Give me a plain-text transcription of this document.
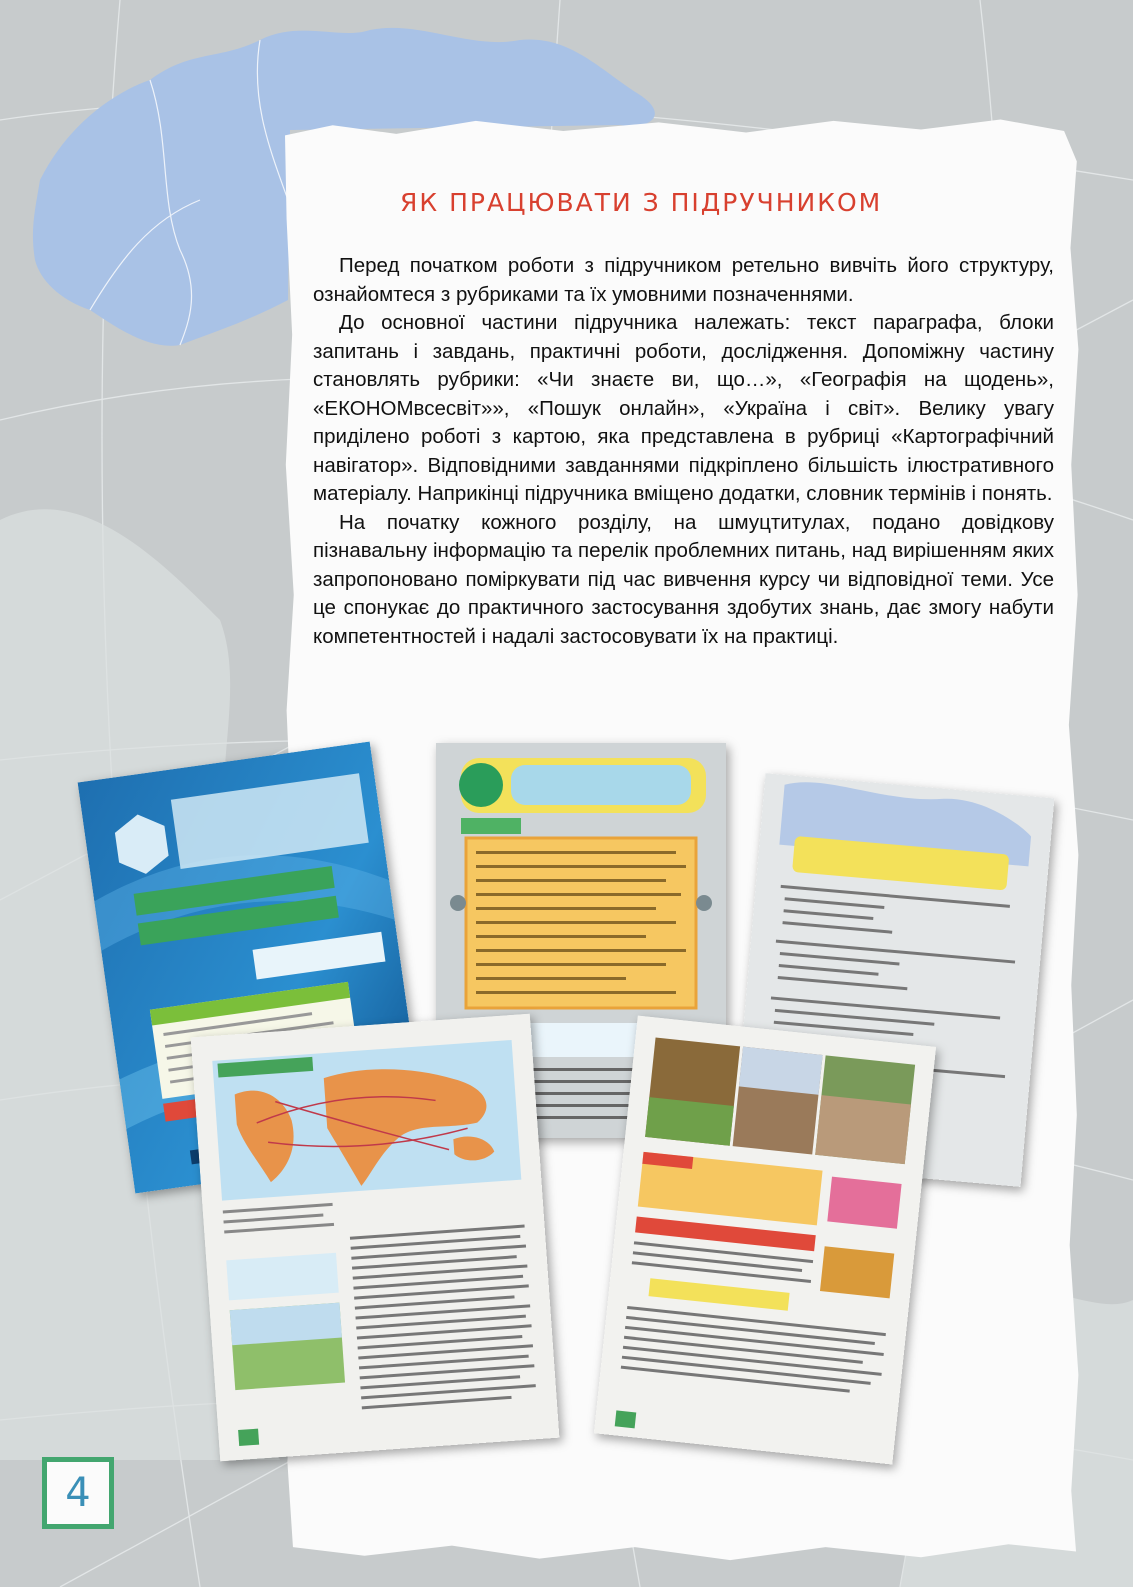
ЯК ПРАЦЮВАТИ З ПІДРУЧНИКОМ

Перед початком роботи з підручником ретельно вивчіть його структуру, ознайомтеся з рубриками та їх умовними позначеннями.

До основної частини підручника належать: текст параграфа, блоки запитань і завдань, практичні роботи, дослідження. Допоміжну частину становлять рубрики: «Чи знаєте ви, що…», «Географія на щодень», «ЕКОНОМвсесвіт»», «Пошук онлайн», «Україна і світ». Велику увагу приділено роботі з картою, яка представлена в рубриці «Картографічний навігатор». Відповідними завданнями підкріплено більшість ілюстративного матеріалу. Наприкінці підручника вміщено додатки, словник термінів і понять.

На початку кожного розділу, на шмуцтитулах, подано довідкову пізнавальну інформацію та перелік проблемних питань, над вирішенням яких запропоновано поміркувати під час вивчення курсу чи відповідної теми. Усе це спонукає до практичного застосування здобутих знань, дає змогу набути компетентностей і надалі застосовувати їх на практиці.

4
